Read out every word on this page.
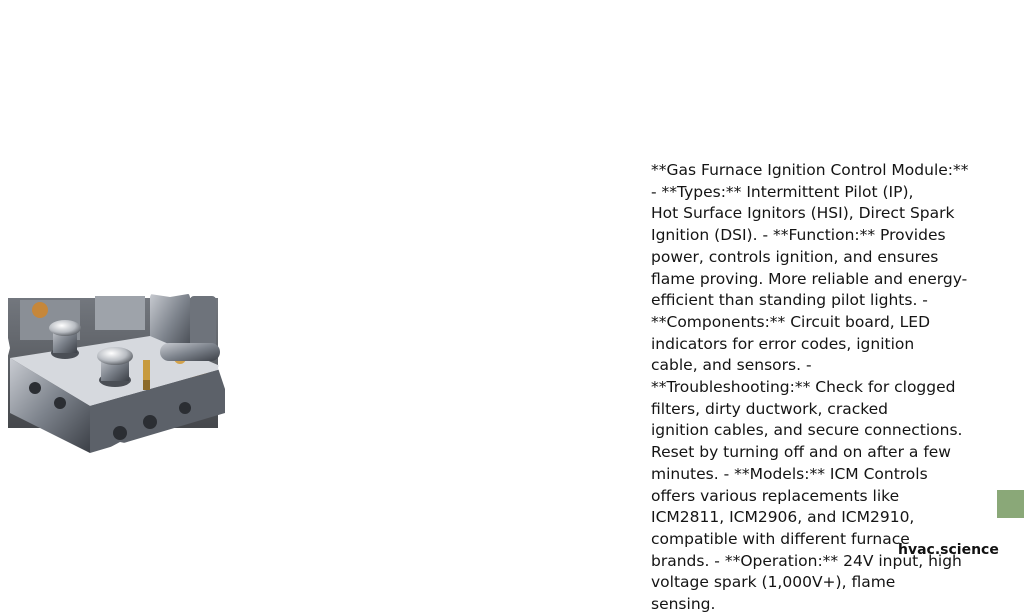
**Gas Furnace Ignition Control Module:**
- **Types:** Intermittent Pilot (IP),
Hot Surface Ignitors (HSI), Direct Spark
Ignition (DSI). - **Function:** Provides
power, controls ignition, and ensures
flame proving. More reliable and energy-
efficient than standing pilot lights. -
**Components:** Circuit board, LED
indicators for error codes, ignition
cable, and sensors. -
**Troubleshooting:** Check for clogged
filters, dirty ductwork, cracked
ignition cables, and secure connections.
Reset by turning off and on after a few
minutes. - **Models:** ICM Controls
offers various replacements like
ICM2811, ICM2906, and ICM2910,
compatible with different furnace
brands. - **Operation:** 24V input, high
voltage spark (1,000V+), flame
sensing.
hvac.science
